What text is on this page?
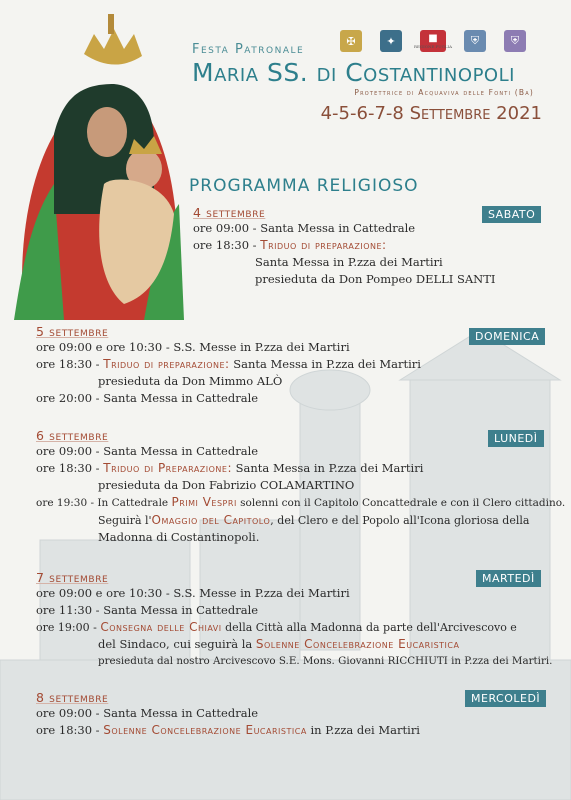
Festa Patronale
Maria SS. di Costantinopoli
Protettrice di Acquaviva delle Fonti (Ba)
4-5-6-7-8 Settembre 2021
✠	✦	■
REGIONE PUGLIA	⛨	⛨
PROGRAMMA RELIGIOSO
4 settembre
ore 09:00 - Santa Messa in Cattedrale
ore 18:30 - Triduo di preparazione:
Santa Messa in P.zza dei Martiri
presieduta da Don Pompeo DELLI SANTI
SABATO
5 settembre
ore 09:00 e ore 10:30 - S.S. Messe in P.zza dei Martiri
ore 18:30 - Triduo di preparazione: Santa Messa in P.zza dei Martiri
presieduta da Don Mimmo ALÒ
ore 20:00 - Santa Messa in Cattedrale
DOMENICA
6 settembre
ore 09:00 - Santa Messa in Cattedrale
ore 18:30 - Triduo di Preparazione: Santa Messa in P.zza dei Martiri
presieduta da Don Fabrizio COLAMARTINO
ore 19:30 - In Cattedrale Primi Vespri solenni con il Capitolo Concattedrale e con il Clero cittadino.
Seguirà l'Omaggio del Capitolo, del Clero e del Popolo all'Icona gloriosa della
Madonna di Costantinopoli.
LUNEDÌ
7 settembre
ore 09:00 e ore 10:30 - S.S. Messe in P.zza dei Martiri
ore 11:30 - Santa Messa in Cattedrale
ore 19:00 - Consegna delle Chiavi della Città alla Madonna da parte dell'Arcivescovo e
del Sindaco, cui seguirà la Solenne Concelebrazione Eucaristica
presieduta dal nostro Arcivescovo S.E. Mons. Giovanni RICCHIUTI in P.zza dei Martiri.
MARTEDÌ
8 settembre
ore 09:00 - Santa Messa in Cattedrale
ore 18:30 - Solenne Concelebrazione Eucaristica in P.zza dei Martiri
MERCOLEDÌ
